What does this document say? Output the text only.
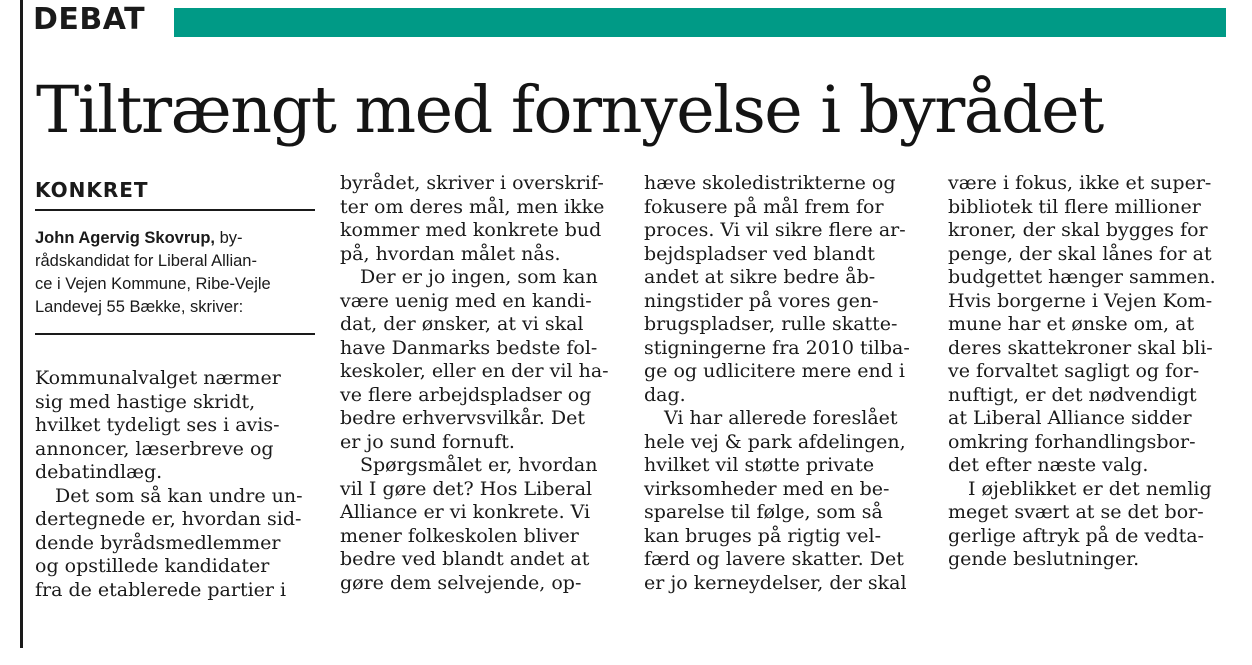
DEBAT
Tiltrængt med fornyelse i byrådet
KONKRET

John Agervig Skovrup, by-
rådskandidat for Liberal Allian-
ce i Vejen Kommune, Ribe-Vejle
Landevej 55 Bække, skriver:

Kommunalvalget nærmer
sig med hastige skridt,
hvilket tydeligt ses i avis-
annoncer, læserbreve og
debatindlæg.
Det som så kan undre un-
dertegnede er, hvordan sid-
dende byrådsmedlemmer
og opstillede kandidater
fra de etablerede partier i
byrådet, skriver i overskrif-
ter om deres mål, men ikke
kommer med konkrete bud
på, hvordan målet nås.
Der er jo ingen, som kan
være uenig med en kandi-
dat, der ønsker, at vi skal
have Danmarks bedste fol-
keskoler, eller en der vil ha-
ve flere arbejdspladser og
bedre erhvervsvilkår. Det
er jo sund fornuft.
Spørgsmålet er, hvordan
vil I gøre det? Hos Liberal
Alliance er vi konkrete. Vi
mener folkeskolen bliver
bedre ved blandt andet at
gøre dem selvejende, op-
hæve skoledistrikterne og
fokusere på mål frem for
proces. Vi vil sikre flere ar-
bejdspladser ved blandt
andet at sikre bedre åb-
ningstider på vores gen-
brugspladser, rulle skatte-
stigningerne fra 2010 tilba-
ge og udlicitere mere end i
dag.
Vi har allerede foreslået
hele vej & park afdelingen,
hvilket vil støtte private
virksomheder med en be-
sparelse til følge, som så
kan bruges på rigtig vel-
færd og lavere skatter. Det
er jo kerneydelser, der skal
være i fokus, ikke et super-
bibliotek til flere millioner
kroner, der skal bygges for
penge, der skal lånes for at
budgettet hænger sammen.
Hvis borgerne i Vejen Kom-
mune har et ønske om, at
deres skattekroner skal bli-
ve forvaltet sagligt og for-
nuftigt, er det nødvendigt
at Liberal Alliance sidder
omkring forhandlingsbor-
det efter næste valg.
I øjeblikket er det nemlig
meget svært at se det bor-
gerlige aftryk på de vedta-
gende beslutninger.
